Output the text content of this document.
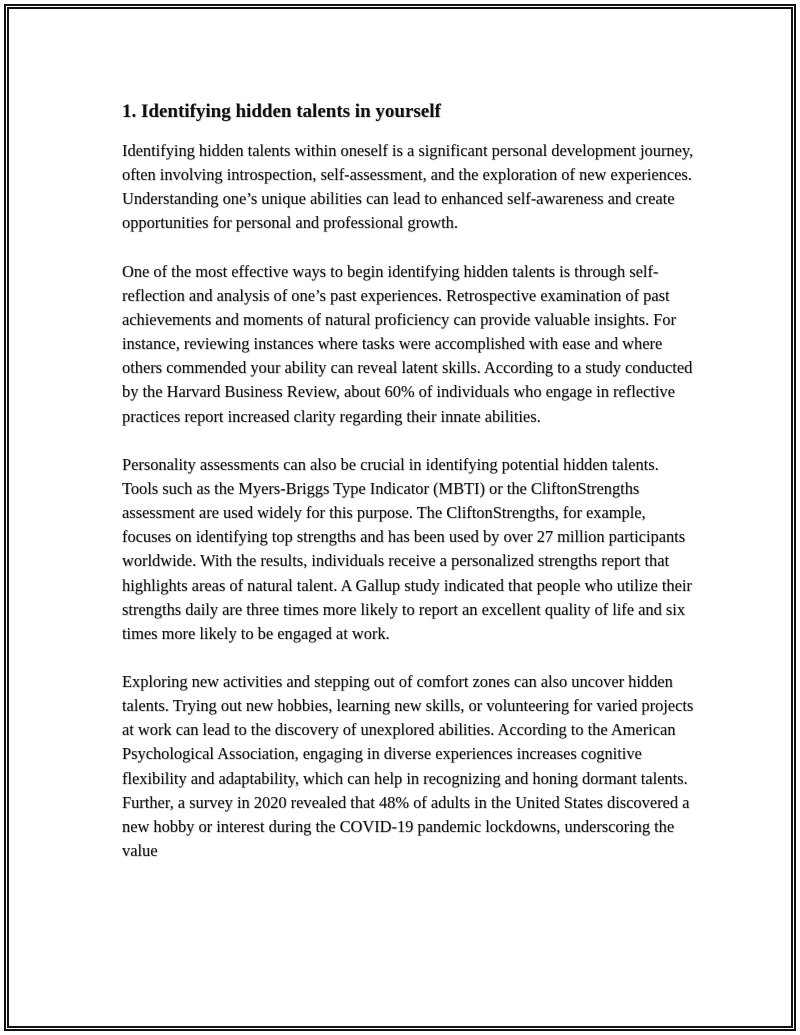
1. Identifying hidden talents in yourself

Identifying hidden talents within oneself is a significant personal development journey, often involving introspection, self-assessment, and the exploration of new experiences. Understanding one’s unique abilities can lead to enhanced self-awareness and create opportunities for personal and professional growth.

One of the most effective ways to begin identifying hidden talents is through self-reflection and analysis of one’s past experiences. Retrospective examination of past achievements and moments of natural proficiency can provide valuable insights. For instance, reviewing instances where tasks were accomplished with ease and where others commended your ability can reveal latent skills. According to a study conducted by the Harvard Business Review, about 60% of individuals who engage in reflective practices report increased clarity regarding their innate abilities.

Personality assessments can also be crucial in identifying potential hidden talents. Tools such as the Myers-Briggs Type Indicator (MBTI) or the CliftonStrengths assessment are used widely for this purpose. The CliftonStrengths, for example, focuses on identifying top strengths and has been used by over 27 million participants worldwide. With the results, individuals receive a personalized strengths report that highlights areas of natural talent. A Gallup study indicated that people who utilize their strengths daily are three times more likely to report an excellent quality of life and six times more likely to be engaged at work.

Exploring new activities and stepping out of comfort zones can also uncover hidden talents. Trying out new hobbies, learning new skills, or volunteering for varied projects at work can lead to the discovery of unexplored abilities. According to the American Psychological Association, engaging in diverse experiences increases cognitive flexibility and adaptability, which can help in recognizing and honing dormant talents. Further, a survey in 2020 revealed that 48% of adults in the United States discovered a new hobby or interest during the COVID-19 pandemic lockdowns, underscoring the value
